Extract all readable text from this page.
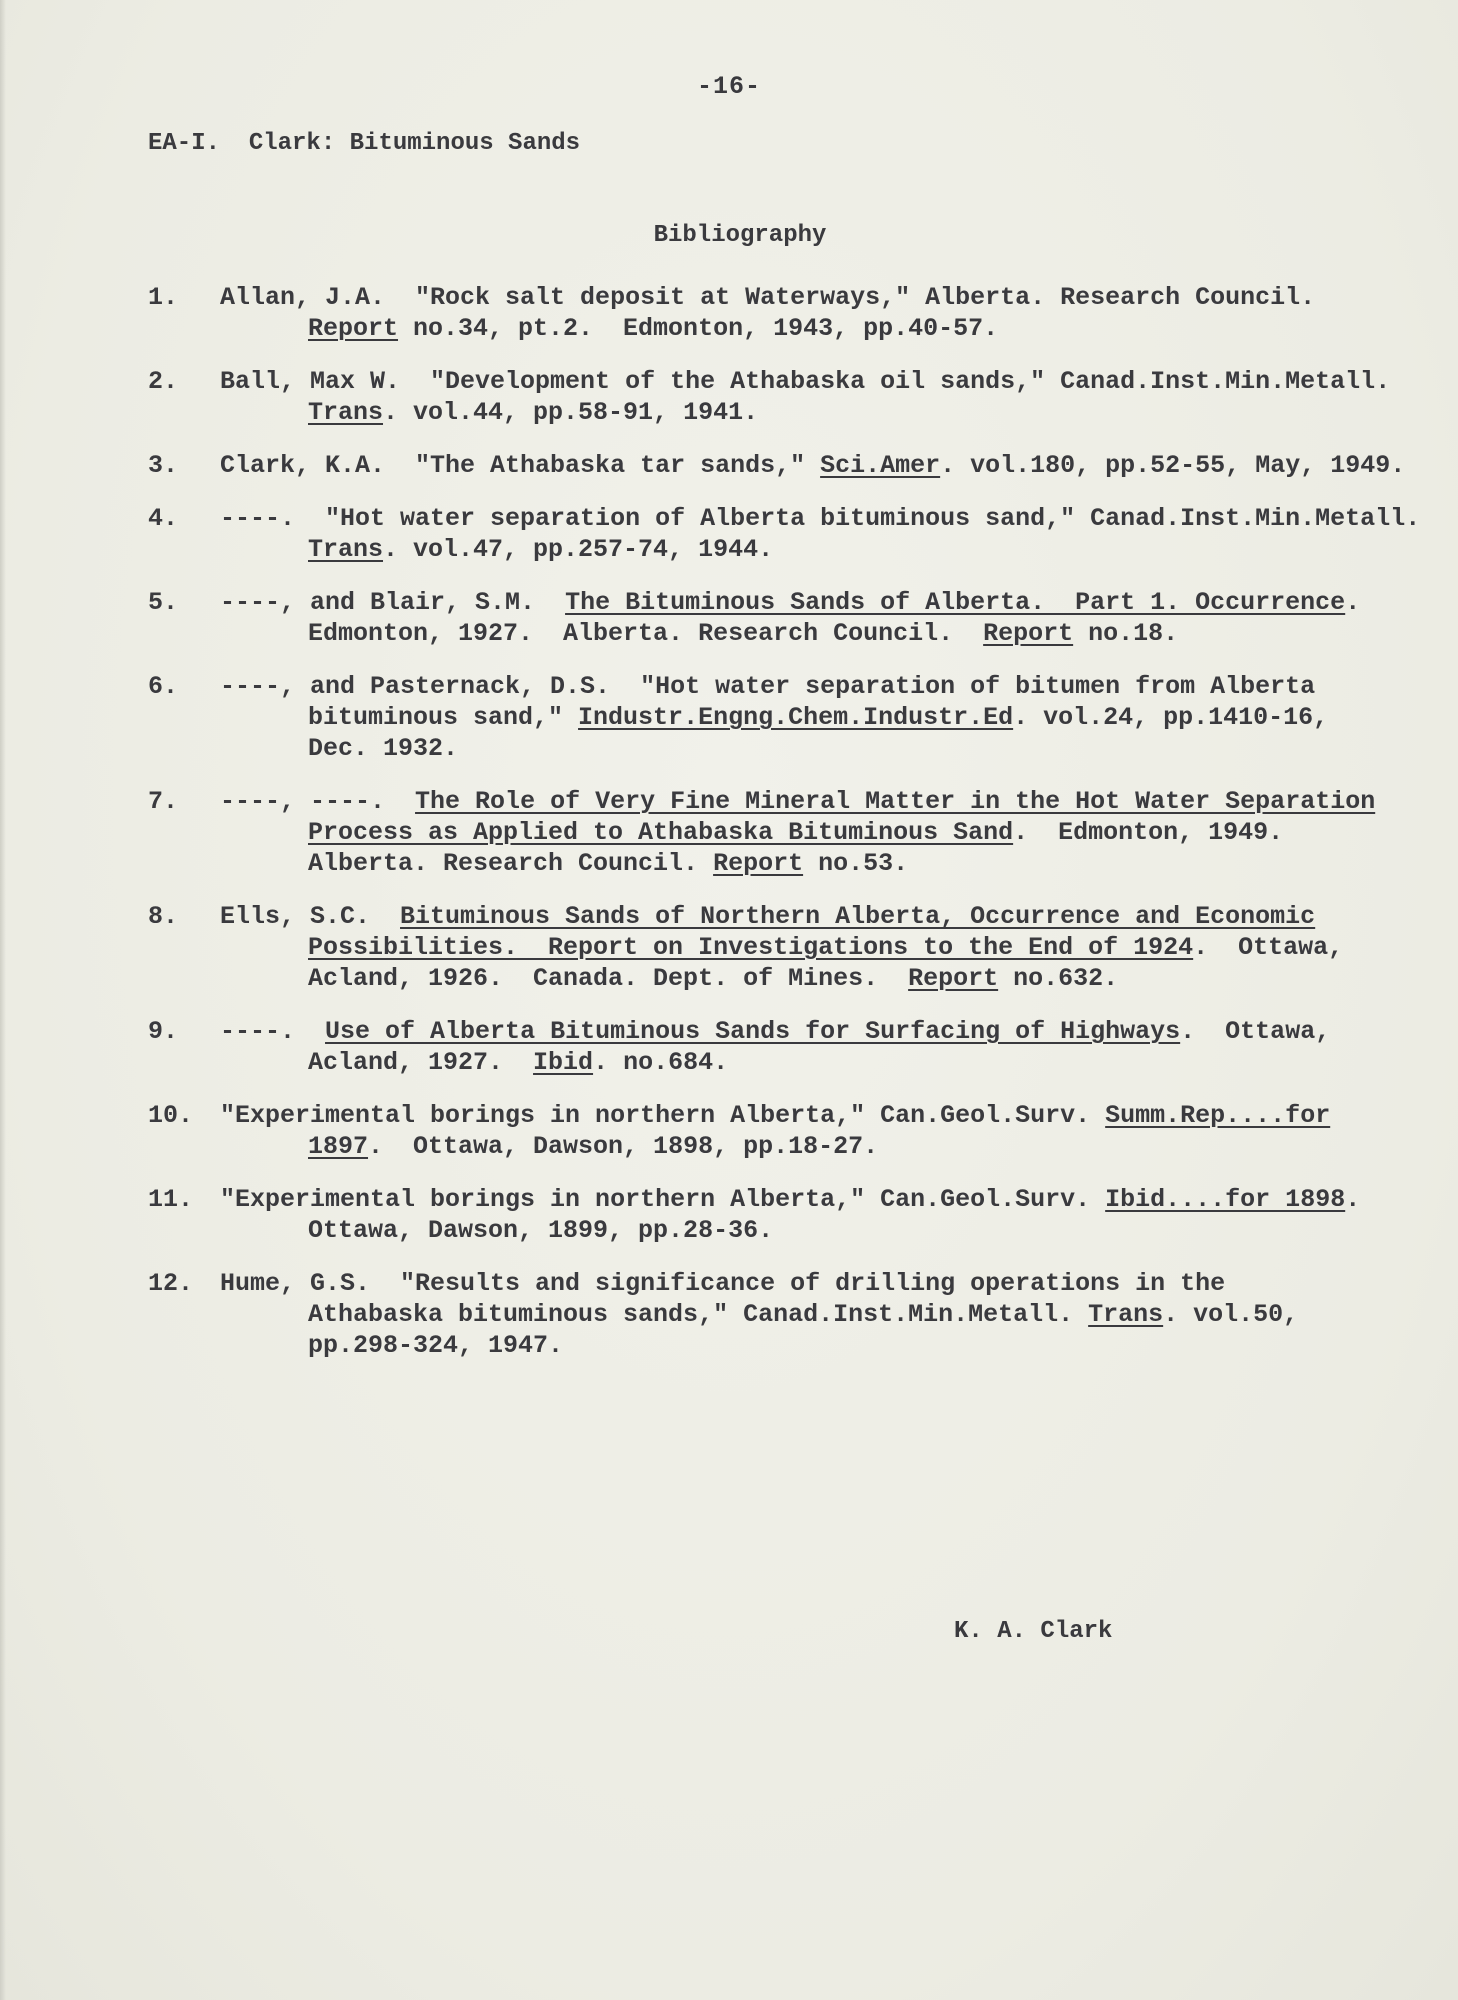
-16-
EA-I.  Clark: Bituminous Sands
Bibliography
1.	Allan, J.A.  "Rock salt deposit at Waterways," Alberta. Research Council.
Report no.34, pt.2.  Edmonton, 1943, pp.40-57.
2.	Ball, Max W.  "Development of the Athabaska oil sands," Canad.Inst.Min.Metall.
Trans. vol.44, pp.58-91, 1941.
3.	Clark, K.A.  "The Athabaska tar sands," Sci.Amer. vol.180, pp.52-55, May, 1949.
4.	----.  "Hot water separation of Alberta bituminous sand," Canad.Inst.Min.Metall.
Trans. vol.47, pp.257-74, 1944.
5.	----, and Blair, S.M.  The Bituminous Sands of Alberta.  Part 1. Occurrence.
Edmonton, 1927.  Alberta. Research Council.  Report no.18.
6.	----, and Pasternack, D.S.  "Hot water separation of bitumen from Alberta
bituminous sand," Industr.Engng.Chem.Industr.Ed. vol.24, pp.1410-16,
Dec. 1932.
7.	----, ----.  The Role of Very Fine Mineral Matter in the Hot Water Separation
Process as Applied to Athabaska Bituminous Sand.  Edmonton, 1949.
Alberta. Research Council. Report no.53.
8.	Ells, S.C.  Bituminous Sands of Northern Alberta, Occurrence and Economic
Possibilities.  Report on Investigations to the End of 1924.  Ottawa,
Acland, 1926.  Canada. Dept. of Mines.  Report no.632.
9.	----.  Use of Alberta Bituminous Sands for Surfacing of Highways.  Ottawa,
Acland, 1927.  Ibid. no.684.
10.	"Experimental borings in northern Alberta," Can.Geol.Surv. Summ.Rep....for
1897.  Ottawa, Dawson, 1898, pp.18-27.
11.	"Experimental borings in northern Alberta," Can.Geol.Surv. Ibid....for 1898.
Ottawa, Dawson, 1899, pp.28-36.
12.	Hume, G.S.  "Results and significance of drilling operations in the
Athabaska bituminous sands," Canad.Inst.Min.Metall. Trans. vol.50,
pp.298-324, 1947.
K. A. Clark
